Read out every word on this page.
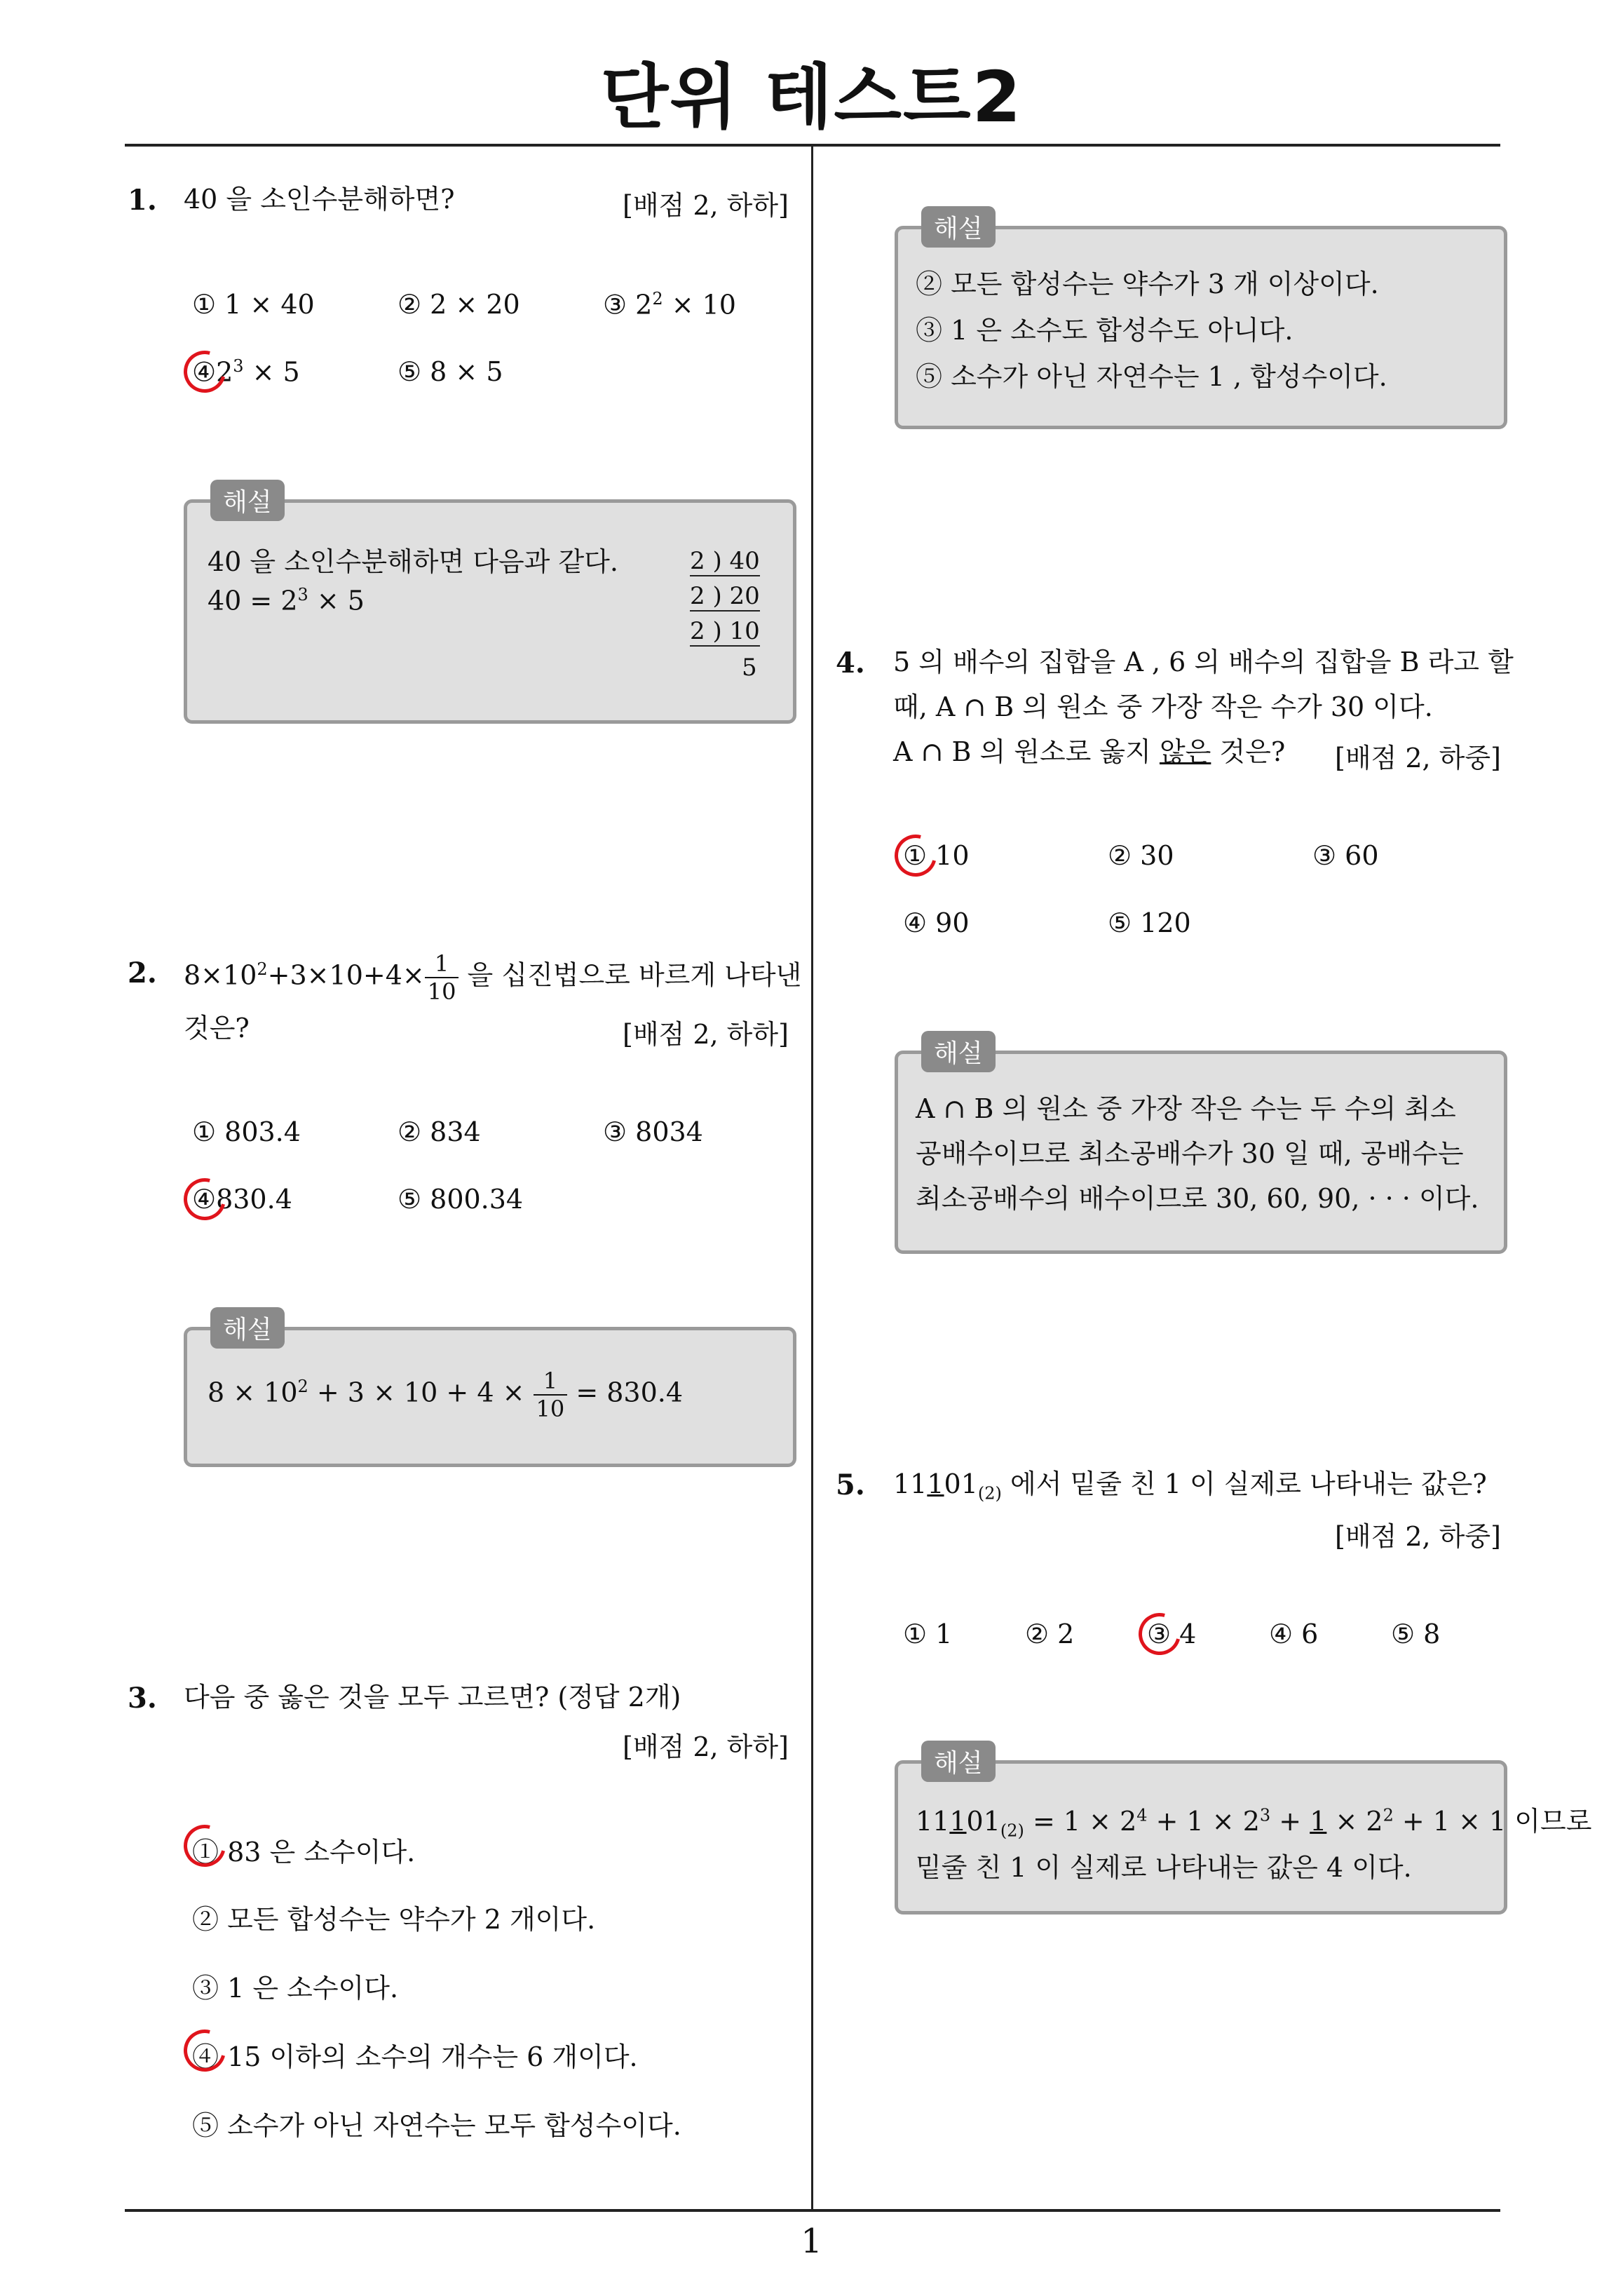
단위 테스트2
1
1. 40 을 소인수분해하면?	[배점 2, 하하]
① 1 × 40	② 2 × 20	③ $2^2 \times 10$
$④2^3 \times 5$	⑤ 8 × 5
해설
40 을 소인수분해하면 다음과 같다.
$40 = 2^3 \times 5$
2 ) 40
2 ) 20
2 ) 10
5
2. $8\times 10^2+3\times 10+4\times \frac{1}{10}$ 을 십진법으로 바르게 나타낸
것은?	[배점 2, 하하]
① 803.4	② 834	③ 8034
④830.4	⑤ 800.34
해설
$8 \times 10^2 + 3 \times 10 + 4 \times \frac{1}{10} = 830.4$
3. 다음 중 옳은 것을 모두 고르면? (정답 2개)
[배점 2, 하하]
① 83 은 소수이다.
② 모든 합성수는 약수가 2 개이다.
③ 1 은 소수이다.
④ 15 이하의 소수의 개수는 6 개이다.
⑤ 소수가 아닌 자연수는 모두 합성수이다.
해설
② 모든 합성수는 약수가 3 개 이상이다.
③ 1 은 소수도 합성수도 아니다.
⑤ 소수가 아닌 자연수는 1 , 합성수이다.
4. 5 의 배수의 집합을 A , 6 의 배수의 집합을 B 라고 할
때, A ∩ B 의 원소 중 가장 작은 수가 30 이다.
A ∩ B 의 원소로 옳지 않은 것은? [배점 2, 하중]
① 10	② 30	③ 60
④ 90	⑤ 120
해설
A ∩ B 의 원소 중 가장 작은 수는 두 수의 최소
공배수이므로 최소공배수가 30 일 때, 공배수는
최소공배수의 배수이므로 30, 60, 90, · · · 이다.
5. $11101_{(2)}$ 에서 밑줄 친 1 이 실제로 나타내는 값은?
[배점 2, 하중]
① 1	② 2	③ 4	④ 6	⑤ 8
해설
$11101_{(2)} = 1 \times 2^4 + 1 \times 2^3 + 1 \times 2^2 + 1 \times 1$ 이므로
밑줄 친 1 이 실제로 나타내는 값은 4 이다.
